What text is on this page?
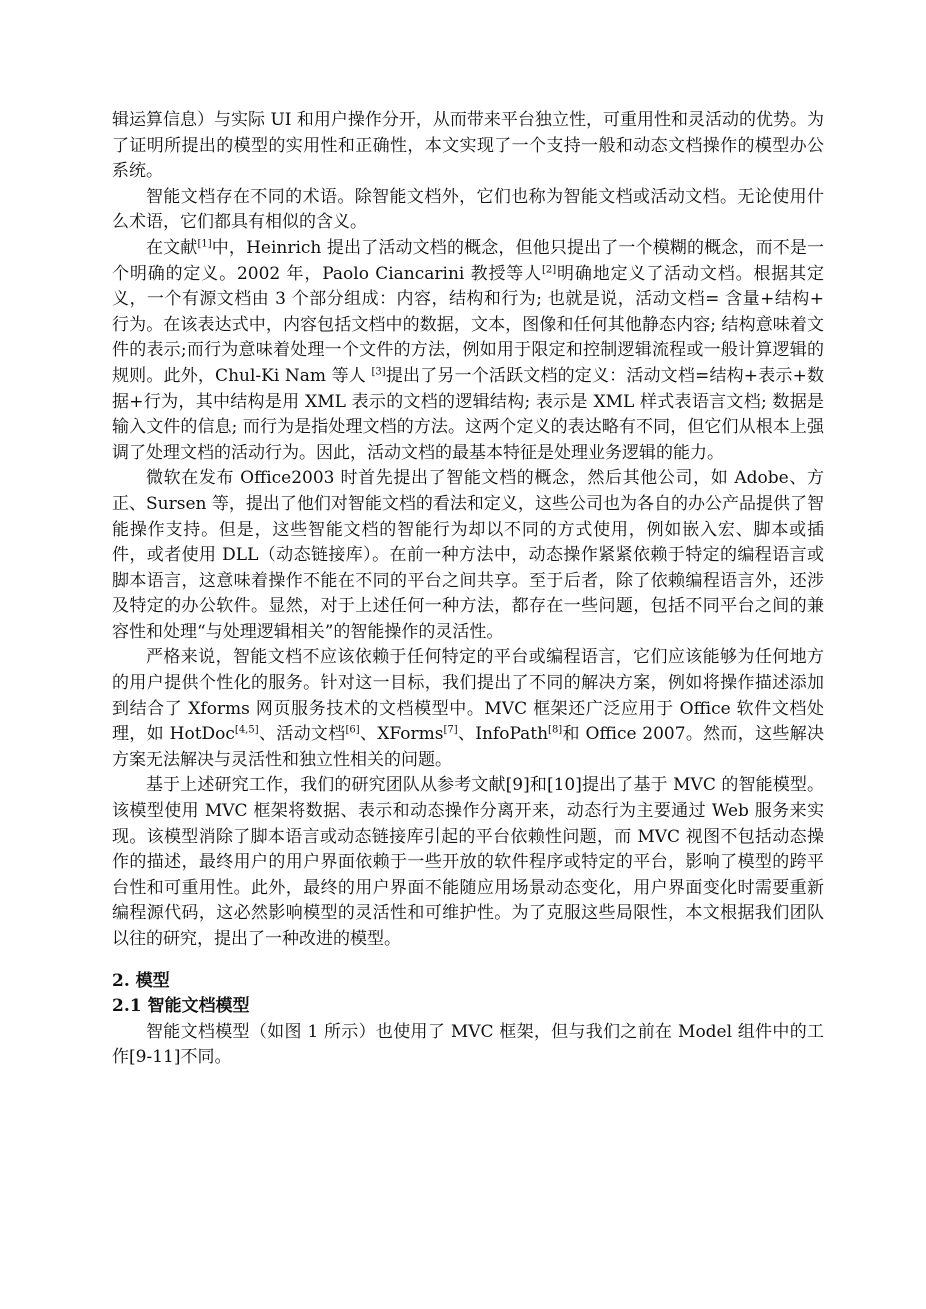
辑运算信息）与实际 UI 和用户操作分开，从而带来平台独立性，可重用性和灵活动的优势。为了证明所提出的模型的实用性和正确性，本文实现了一个支持一般和动态文档操作的模型办公系统。

智能文档存在不同的术语。除智能文档外，它们也称为智能文档或活动文档。无论使用什么术语，它们都具有相似的含义。

在文献[1]中，Heinrich 提出了活动文档的概念，但他只提出了一个模糊的概念，而不是一个明确的定义。2002 年，Paolo Ciancarini 教授等人[2]明确地定义了活动文档。根据其定义，一个有源文档由 3 个部分组成：内容，结构和行为; 也就是说，活动文档= 含量+结构+ 行为。在该表达式中，内容包括文档中的数据，文本，图像和任何其他静态内容; 结构意味着文件的表示;而行为意味着处理一个文件的方法，例如用于限定和控制逻辑流程或一般计算逻辑的规则。此外，Chul-Ki Nam 等人 [3]提出了另一个活跃文档的定义：活动文档=结构+表示+数据+行为，其中结构是用 XML 表示的文档的逻辑结构; 表示是 XML 样式表语言文档; 数据是输入文件的信息; 而行为是指处理文档的方法。这两个定义的表达略有不同，但它们从根本上强调了处理文档的活动行为。因此，活动文档的最基本特征是处理业务逻辑的能力。

微软在发布 Office2003 时首先提出了智能文档的概念，然后其他公司，如 Adobe、方正、Sursen 等，提出了他们对智能文档的看法和定义，这些公司也为各自的办公产品提供了智能操作支持。但是，这些智能文档的智能行为却以不同的方式使用，例如嵌入宏、脚本或插件，或者使用 DLL（动态链接库）。在前一种方法中，动态操作紧紧依赖于特定的编程语言或脚本语言，这意味着操作不能在不同的平台之间共享。至于后者，除了依赖编程语言外，还涉及特定的办公软件。显然，对于上述任何一种方法，都存在一些问题，包括不同平台之间的兼容性和处理“与处理逻辑相关”的智能操作的灵活性。

严格来说，智能文档不应该依赖于任何特定的平台或编程语言，它们应该能够为任何地方的用户提供个性化的服务。针对这一目标，我们提出了不同的解决方案，例如将操作描述添加到结合了 Xforms 网页服务技术的文档模型中。MVC 框架还广泛应用于 Office 软件文档处理，如 HotDoc[4,5]、活动文档[6]、XForms[7]、InfoPath[8]和 Office 2007。然而，这些解决方案无法解决与灵活性和独立性相关的问题。

基于上述研究工作，我们的研究团队从参考文献[9]和[10]提出了基于 MVC 的智能模型。该模型使用 MVC 框架将数据、表示和动态操作分离开来，动态行为主要通过 Web 服务来实现。该模型消除了脚本语言或动态链接库引起的平台依赖性问题，而 MVC 视图不包括动态操作的描述，最终用户的用户界面依赖于一些开放的软件程序或特定的平台，影响了模型的跨平台性和可重用性。此外，最终的用户界面不能随应用场景动态变化，用户界面变化时需要重新编程源代码，这必然影响模型的灵活性和可维护性。为了克服这些局限性，本文根据我们团队以往的研究，提出了一种改进的模型。

2. 模型

2.1 智能文档模型

智能文档模型（如图 1 所示）也使用了 MVC 框架，但与我们之前在 Model 组件中的工作[9-11]不同。
